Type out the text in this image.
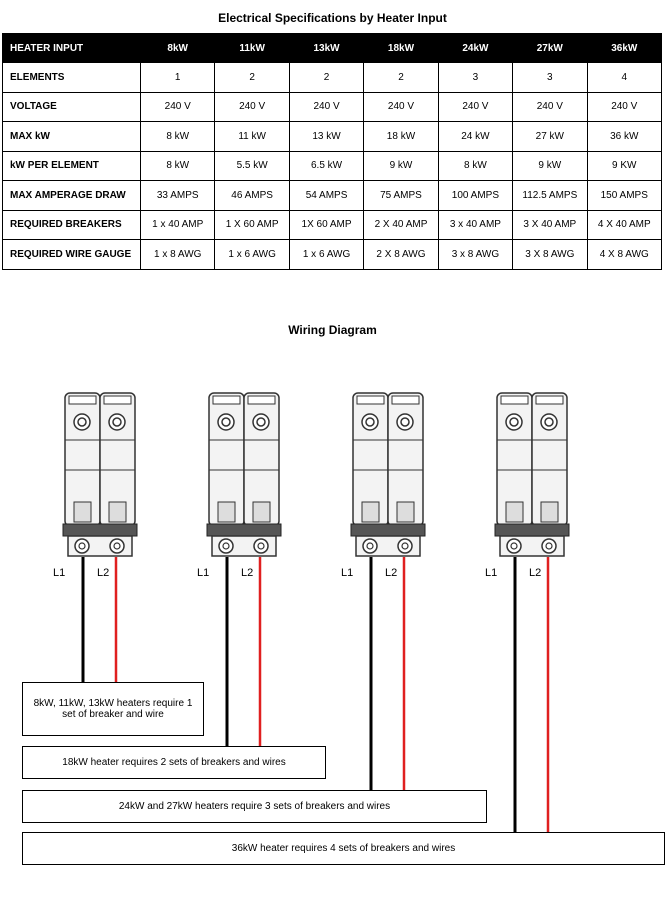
Electrical Specifications by Heater Input
HEATER INPUT	8kW	11kW	13kW	18kW	24kW	27kW	36kW
ELEMENTS	1	2	2	2	3	3	4
VOLTAGE	240 V	240 V	240 V	240 V	240 V	240 V	240 V
MAX kW	8 kW	11 kW	13 kW	18 kW	24 kW	27 kW	36 kW
kW PER ELEMENT	8 kW	5.5 kW	6.5 kW	9 kW	8 kW	9 kW	9 KW
MAX AMPERAGE DRAW	33 AMPS	46 AMPS	54 AMPS	75 AMPS	100 AMPS	112.5 AMPS	150 AMPS
REQUIRED BREAKERS	1 x 40 AMP	1 X 60 AMP	1X 60 AMP	2 X 40 AMP	3 x 40 AMP	3 X 40 AMP	4 X 40 AMP
REQUIRED WIRE GAUGE	1 x 8 AWG	1 x 6 AWG	1 x 6 AWG	2 X 8 AWG	3 x 8 AWG	3 X 8 AWG	4 X 8 AWG
Wiring Diagram
L1	L2	L1	L2	L1	L2	L1	L2
8kW, 11kW, 13kW heaters require 1 set of breaker and wire
18kW heater requires 2 sets of breakers and wires
24kW and 27kW heaters require 3 sets of breakers and wires
36kW heater requires 4 sets of breakers and wires
